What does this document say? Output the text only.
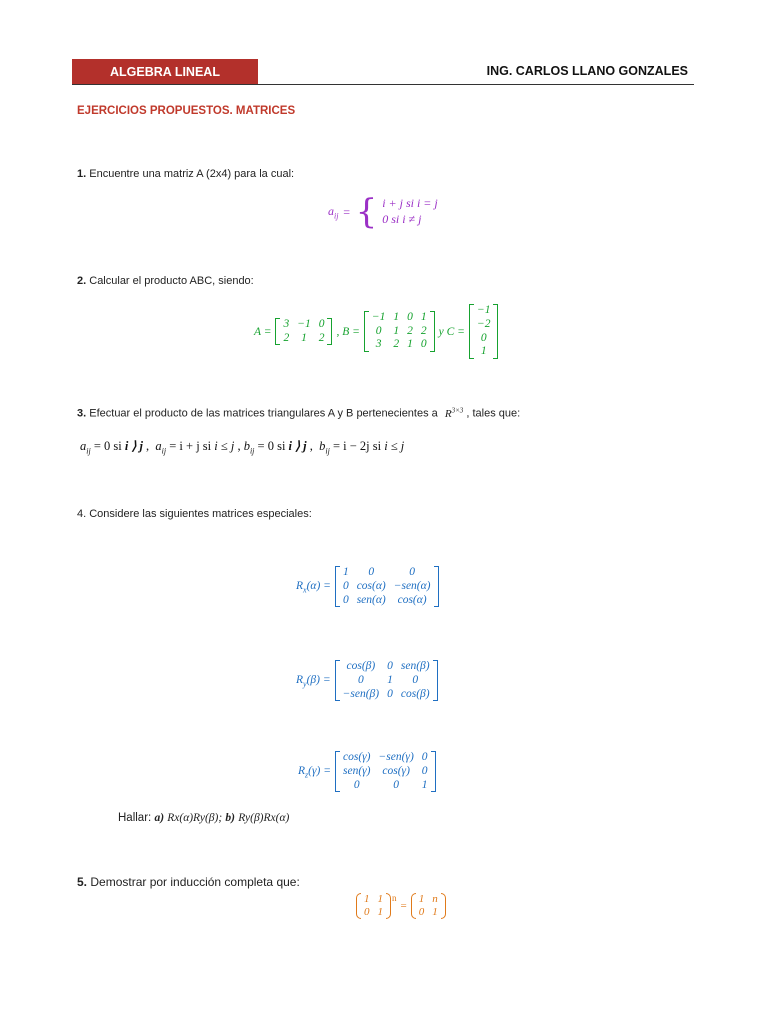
ALGEBRA LINEAL	ING. CARLOS LLANO GONZALES
EJERCICIOS PROPUESTOS. MATRICES
1. Encuentre una matriz A (2x4) para la cual:
$a_{ij}$ = { i + j si i = j
0 si i ≠ j
2. Calcular el producto ABC, siendo:
A =
3	−1	0
2	1	2 , B =
−1	1	0	1
0	1	2	2
3	2	1	0
y C =
−1
−2
0
1
3. Efectuar el producto de las matrices triangulares A y B pertenecientes a $R^{3\times 3}$ , tales que:
$a_{ij} = 0$ si i ⟩ j ,  $a_{ij} = i + j$ si i ≤ j , $b_{ij} = 0$ si i ⟩ j ,  $b_{ij} = i - 2j$ si i ≤ j
4. Considere las siguientes matrices especiales:
$R_x(\alpha)$ =
1	0	0
0	cos(α)	−sen(α)
0	sen(α)	cos(α)
$R_y(\beta)$ =
cos(β)	0	sen(β)
0	1	0
−sen(β)	0	cos(β)
$R_z(\gamma)$ =
cos(γ)	−sen(γ)	0
sen(γ)	cos(γ)	0
0	0	1
Hallar: a) Rx(α)Ry(β); b) Ry(β)Rx(α)
5. Demostrar por inducción completa que:
1	1
0	1
n
=
1	n
0	1
